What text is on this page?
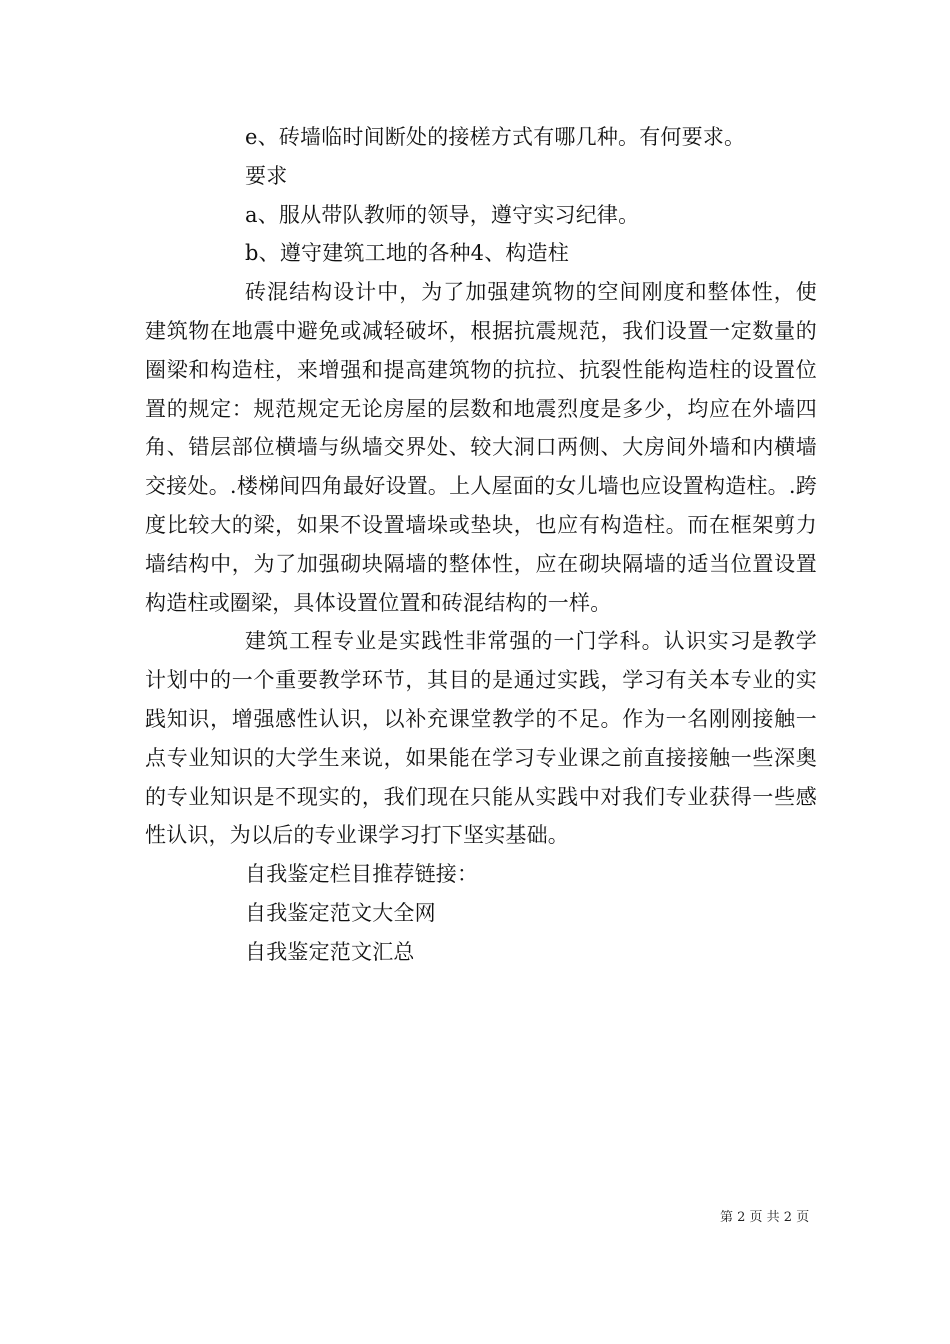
e、砖墙临时间断处的接槎方式有哪几种。有何要求。

要求

a、服从带队教师的领导，遵守实习纪律。

b、遵守建筑工地的各种4、构造柱

砖混结构设计中，为了加强建筑物的空间刚度和整体性，使建筑物在地震中避免或减轻破坏，根据抗震规范，我们设置一定数量的圈梁和构造柱，来增强和提高建筑物的抗拉、抗裂性能构造柱的设置位置的规定：规范规定无论房屋的层数和地震烈度是多少，均应在外墙四角、错层部位横墙与纵墙交界处、较大洞口两侧、大房间外墙和内横墙交接处。.楼梯间四角最好设置。上人屋面的女儿墙也应设置构造柱。.跨度比较大的梁，如果不设置墙垛或垫块，也应有构造柱。而在框架剪力墙结构中，为了加强砌块隔墙的整体性，应在砌块隔墙的适当位置设置构造柱或圈梁，具体设置位置和砖混结构的一样。

建筑工程专业是实践性非常强的一门学科。认识实习是教学计划中的一个重要教学环节，其目的是通过实践，学习有关本专业的实践知识，增强感性认识，以补充课堂教学的不足。作为一名刚刚接触一点专业知识的大学生来说，如果能在学习专业课之前直接接触一些深奥的专业知识是不现实的，我们现在只能从实践中对我们专业获得一些感性认识，为以后的专业课学习打下坚实基础。

自我鉴定栏目推荐链接：

自我鉴定范文大全网

自我鉴定范文汇总

第 2 页 共 2 页
